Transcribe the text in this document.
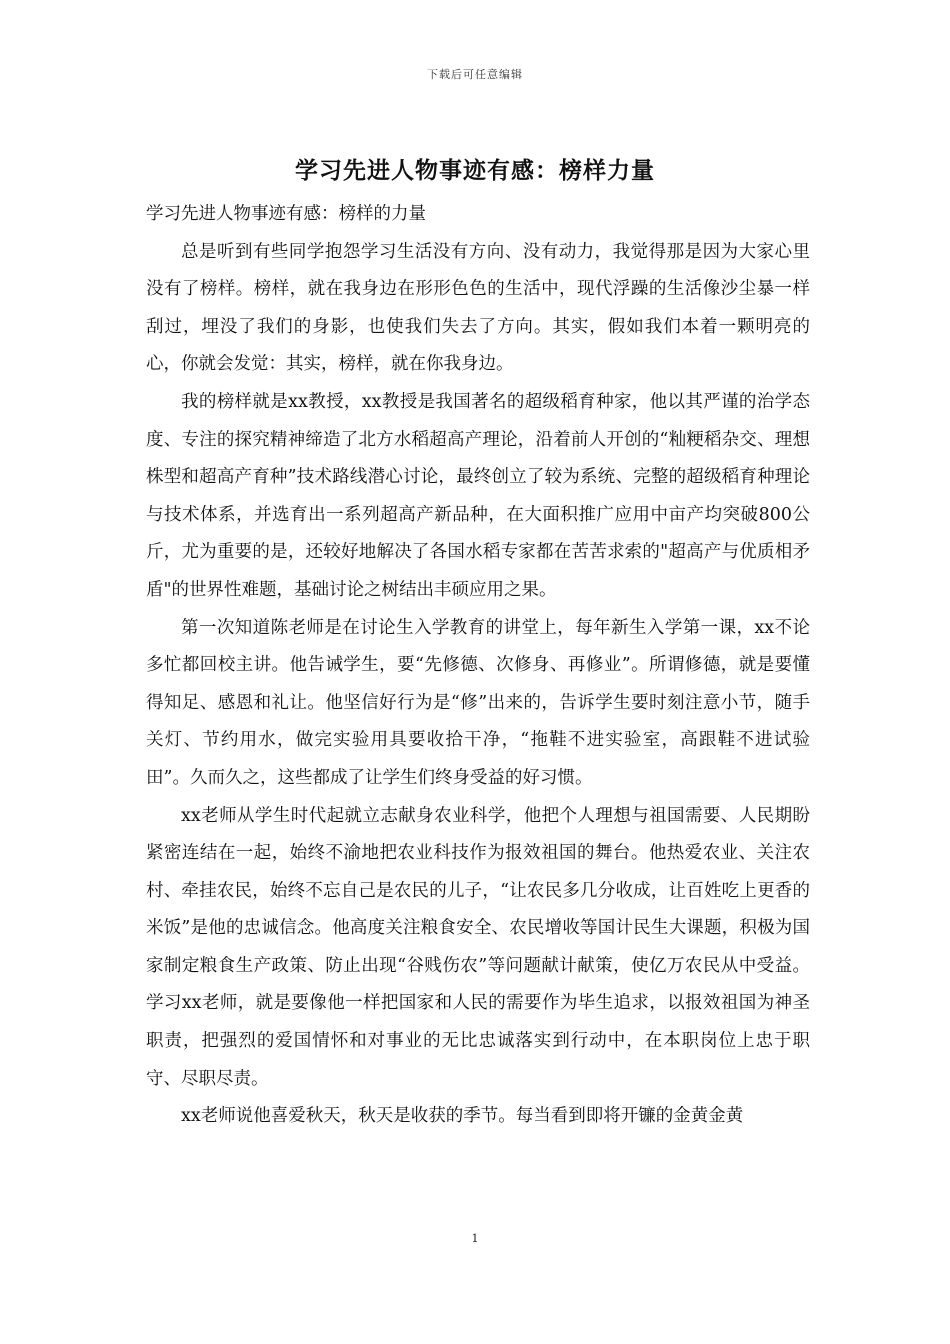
下载后可任意编辑
学习先进人物事迹有感：榜样力量

学习先进人物事迹有感：榜样的力量

总是听到有些同学抱怨学习生活没有方向、没有动力，我觉得那是因为大家心里没有了榜样。榜样，就在我身边在形形色色的生活中，现代浮躁的生活像沙尘暴一样刮过，埋没了我们的身影，也使我们失去了方向。其实，假如我们本着一颗明亮的心，你就会发觉：其实，榜样，就在你我身边。

我的榜样就是xx教授，xx教授是我国著名的超级稻育种家，他以其严谨的治学态度、专注的探究精神缔造了北方水稻超高产理论，沿着前人开创的“籼粳稻杂交、理想株型和超高产育种”技术路线潜心讨论，最终创立了较为系统、完整的超级稻育种理论与技术体系，并选育出一系列超高产新品种，在大面积推广应用中亩产均突破800公斤，尤为重要的是，还较好地解决了各国水稻专家都在苦苦求索的"超高产与优质相矛盾"的世界性难题，基础讨论之树结出丰硕应用之果。

第一次知道陈老师是在讨论生入学教育的讲堂上，每年新生入学第一课，xx不论多忙都回校主讲。他告诫学生，要“先修德、次修身、再修业”。所谓修德，就是要懂得知足、感恩和礼让。他坚信好行为是“修”出来的，告诉学生要时刻注意小节，随手关灯、节约用水，做完实验用具要收拾干净，“拖鞋不进实验室，高跟鞋不进试验田”。久而久之，这些都成了让学生们终身受益的好习惯。

xx老师从学生时代起就立志献身农业科学，他把个人理想与祖国需要、人民期盼紧密连结在一起，始终不渝地把农业科技作为报效祖国的舞台。他热爱农业、关注农村、牵挂农民，始终不忘自己是农民的儿子，“让农民多几分收成，让百姓吃上更香的米饭”是他的忠诚信念。他高度关注粮食安全、农民增收等国计民生大课题，积极为国家制定粮食生产政策、防止出现“谷贱伤农”等问题献计献策，使亿万农民从中受益。学习xx老师，就是要像他一样把国家和人民的需要作为毕生追求，以报效祖国为神圣职责，把强烈的爱国情怀和对事业的无比忠诚落实到行动中，在本职岗位上忠于职守、尽职尽责。

xx老师说他喜爱秋天，秋天是收获的季节。每当看到即将开镰的金黄金黄

1
